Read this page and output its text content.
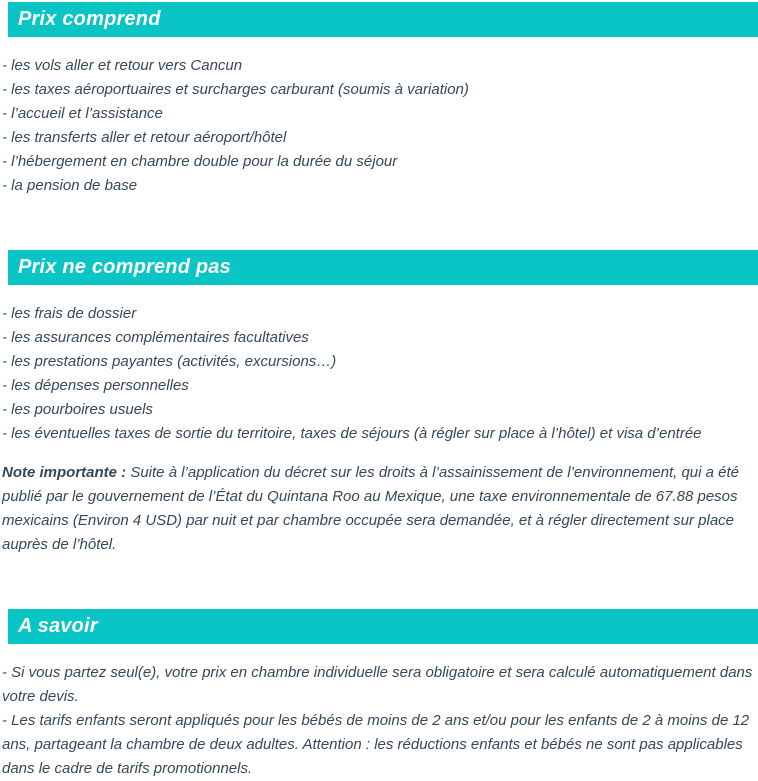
Prix comprend
- les vols aller et retour vers Cancun
- les taxes aéroportuaires et surcharges carburant (soumis à variation)
- l’accueil et l’assistance
- les transferts aller et retour aéroport/hôtel
- l’hébergement en chambre double pour la durée du séjour
- la pension de base
Prix ne comprend pas
- les frais de dossier
- les assurances complémentaires facultatives
- les prestations payantes (activités, excursions…)
- les dépenses personnelles
- les pourboires usuels
- les éventuelles taxes de sortie du territoire, taxes de séjours (à régler sur place à l’hôtel) et visa d’entrée

Note importante : Suite à l’application du décret sur les droits à l’assainissement de l’environnement, qui a été publié par le gouvernement de l’État du Quintana Roo au Mexique, une taxe environnementale de 67.88 pesos mexicains (Environ 4 USD) par nuit et par chambre occupée sera demandée, et à régler directement sur place auprès de l’hôtel.

A savoir

- Si vous partez seul(e), votre prix en chambre individuelle sera obligatoire et sera calculé automatiquement dans votre devis.

- Les tarifs enfants seront appliqués pour les bébés de moins de 2 ans et/ou pour les enfants de 2 à moins de 12 ans, partageant la chambre de deux adultes. Attention : les réductions enfants et bébés ne sont pas applicables dans le cadre de tarifs promotionnels.
